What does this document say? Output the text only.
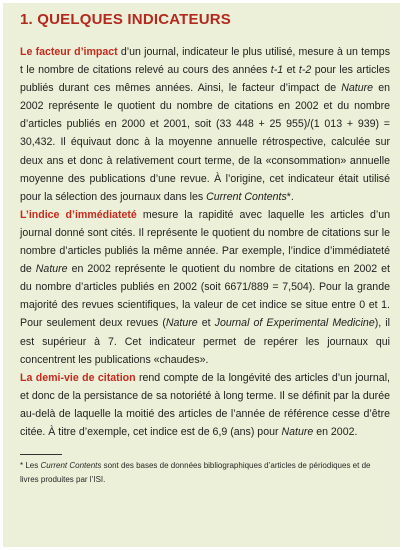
1. QUELQUES INDICATEURS

Le facteur d’impact d’un journal, indicateur le plus utilisé, mesure à un temps t le nombre de citations relevé au cours des années t-1 et t-2 pour les articles publiés durant ces mêmes années. Ainsi, le facteur d’impact de Nature en 2002 représente le quotient du nombre de citations en 2002 et du nombre d’articles publiés en 2000 et 2001, soit (33 448 + 25 955)/(1 013 + 939) = 30,432. Il équivaut donc à la moyenne annuelle rétrospective, calculée sur deux ans et donc à relativement court terme, de la «consommation» annuelle moyenne des publications d’une revue. À l’origine, cet indicateur était utilisé pour la sélection des journaux dans les Current Contents*.

L’indice d’immédiateté mesure la rapidité avec laquelle les articles d’un journal donné sont cités. Il représente le quotient du nombre de citations sur le nombre d’articles publiés la même année. Par exemple, l’indice d’immédiateté de Nature en 2002 représente le quotient du nombre de citations en 2002 et du nombre d’articles publiés en 2002 (soit 6671/889 = 7,504). Pour la grande majorité des revues scientifiques, la valeur de cet indice se situe entre 0 et 1. Pour seulement deux revues (Nature et Journal of Experimental Medicine), il est supérieur à 7. Cet indicateur permet de repérer les journaux qui concentrent les publications «chaudes».

La demi-vie de citation rend compte de la longévité des articles d’un journal, et donc de la persistance de sa notoriété à long terme. Il se définit par la durée au-delà de laquelle la moitié des articles de l’année de référence cesse d’être citée. À titre d’exemple, cet indice est de 6,9 (ans) pour Nature en 2002.

* Les Current Contents sont des bases de données bibliographiques d’articles de périodiques et de livres produites par l’ISI.
